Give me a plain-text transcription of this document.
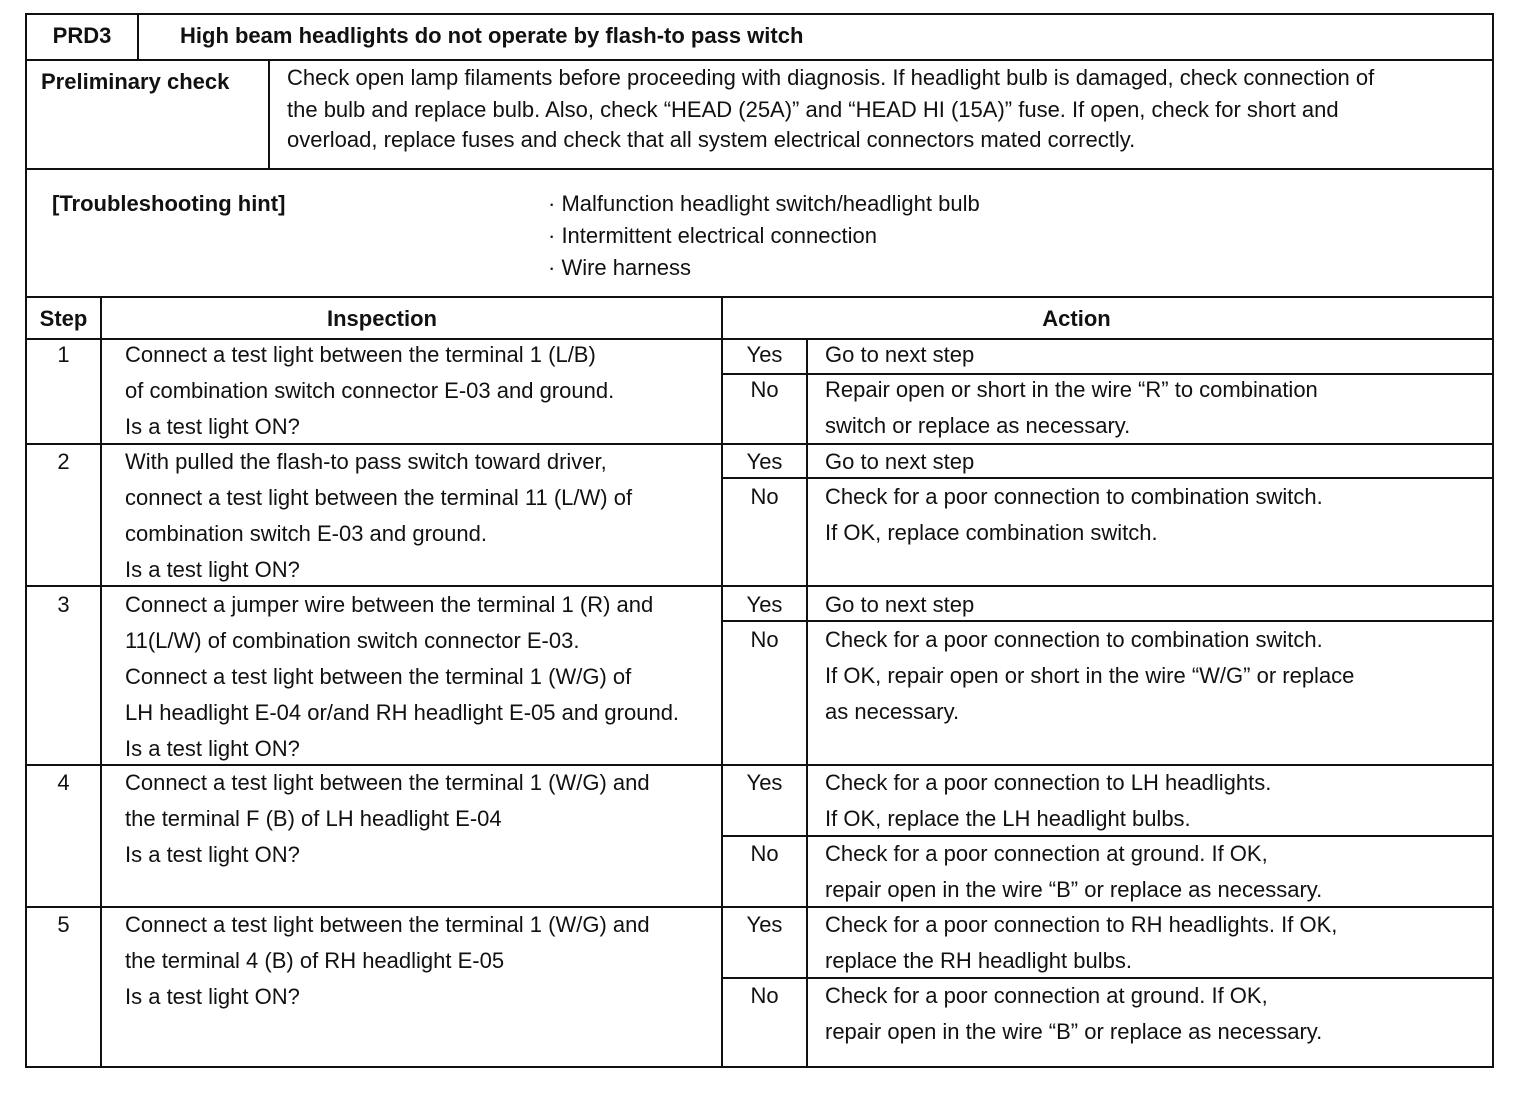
PRD3	High beam headlights do not operate by flash-to pass witch
Preliminary check	Check open lamp filaments before proceeding with diagnosis. If headlight bulb is damaged, check connection of
the bulb and replace bulb. Also, check “HEAD (25A)” and “HEAD HI (15A)” fuse. If open, check for short and
overload, replace fuses and check that all system electrical connectors mated correctly.
[Troubleshooting hint]	· Malfunction headlight switch/headlight bulb
· Intermittent electrical connection
· Wire harness
Step	Inspection	Action
1	Connect a test light between the terminal 1 (L/B)
of combination switch connector E-03 and ground.
Is a test light ON?
Yes	Go to next step
No	Repair open or short in the wire “R” to combination
switch or replace as necessary.
2	With pulled the flash-to pass switch toward driver,
connect a test light between the terminal 11 (L/W) of
combination switch E-03 and ground.
Is a test light ON?
Yes	Go to next step
No	Check for a poor connection to combination switch.
If OK, replace combination switch.
3	Connect a jumper wire between the terminal 1 (R) and
11(L/W) of combination switch connector E-03.
Connect a test light between the terminal 1 (W/G) of
LH headlight E-04 or/and RH headlight E-05 and ground.
Is a test light ON?
Yes	Go to next step
No	Check for a poor connection to combination switch.
If OK, repair open or short in the wire “W/G” or replace
as necessary.
4	Connect a test light between the terminal 1 (W/G) and
the terminal F (B) of LH headlight E-04
Is a test light ON?
Yes	Check for a poor connection to LH headlights.
If OK, replace the LH headlight bulbs.
No	Check for a poor connection at ground. If OK,
repair open in the wire “B” or replace as necessary.
5	Connect a test light between the terminal 1 (W/G) and
the terminal 4 (B) of RH headlight E-05
Is a test light ON?
Yes	Check for a poor connection to RH headlights. If OK,
replace the RH headlight bulbs.
No	Check for a poor connection at ground. If OK,
repair open in the wire “B” or replace as necessary.
